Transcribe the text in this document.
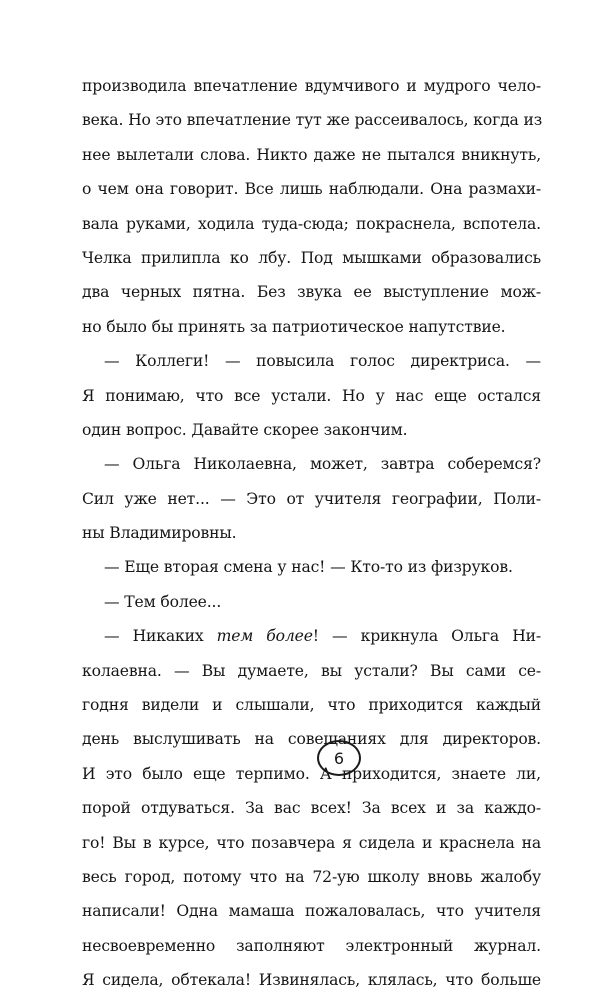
производила впечатление вдумчивого и мудрого чело-
века. Но это впечатление тут же рассеивалось, когда из
нее вылетали слова. Никто даже не пытался вникнуть,
о чем она говорит. Все лишь наблюдали. Она размахи-
вала руками, ходила туда-сюда; покраснела, вспотела.
Челка прилипла ко лбу. Под мышками образовались
два черных пятна. Без звука ее выступление мож-
но было бы принять за патриотическое напутствие.
— Коллеги! — повысила голос директриса. —
Я понимаю, что все устали. Но у нас еще остался
один вопрос. Давайте скорее закончим.
— Ольга Николаевна, может, завтра соберемся?
Сил уже нет... — Это от учителя географии, Поли-
ны Владимировны.
— Еще вторая смена у нас! — Кто-то из физруков.
— Тем более...
— Никаких тем более! — крикнула Ольга Ни-
колаевна. — Вы думаете, вы устали? Вы сами се-
годня видели и слышали, что приходится каждый
день выслушивать на совещаниях для директоров.
И это было еще терпимо. А приходится, знаете ли,
порой отдуваться. За вас всех! За всех и за каждо-
го! Вы в курсе, что позавчера я сидела и краснела на
весь город, потому что на 72-ую школу вновь жалобу
написали! Одна мамаша пожаловалась, что учителя
несвоевременно заполняют электронный журнал.
Я сидела, обтекала! Извинялась, клялась, что больше
6
